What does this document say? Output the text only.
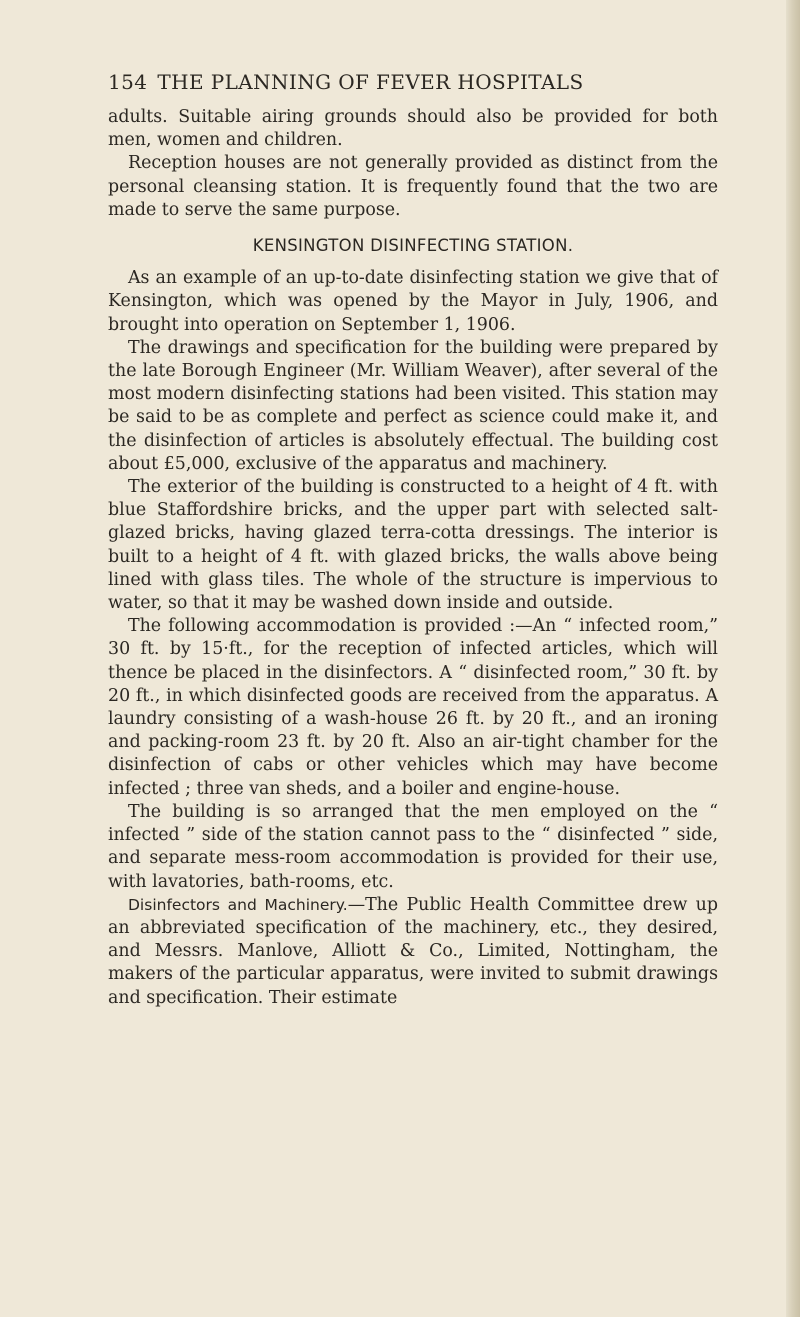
154 THE PLANNING OF FEVER HOSPITALS

adults. Suitable airing grounds should also be provided for both men, women and children.

Reception houses are not generally provided as distinct from the personal cleansing station. It is frequently found that the two are made to serve the same purpose.

KENSINGTON DISINFECTING STATION.

As an example of an up-to-date disinfecting station we give that of Kensington, which was opened by the Mayor in July, 1906, and brought into operation on September 1, 1906.

The drawings and specification for the building were prepared by the late Borough Engineer (Mr. William Weaver), after several of the most modern disinfecting stations had been visited. This station may be said to be as complete and perfect as science could make it, and the disinfection of articles is absolutely effectual. The building cost about £5,000, exclusive of the apparatus and machinery.

The exterior of the building is constructed to a height of 4 ft. with blue Staffordshire bricks, and the upper part with selected salt-glazed bricks, having glazed terra-cotta dressings. The interior is built to a height of 4 ft. with glazed bricks, the walls above being lined with glass tiles. The whole of the structure is impervious to water, so that it may be washed down inside and outside.

The following accommodation is provided :—An “ infected room,” 30 ft. by 15·ft., for the reception of infected articles, which will thence be placed in the disinfectors. A “ disinfected room,” 30 ft. by 20 ft., in which disinfected goods are received from the apparatus. A laundry consisting of a wash-house 26 ft. by 20 ft., and an ironing and packing-room 23 ft. by 20 ft. Also an air-tight chamber for the disinfection of cabs or other vehicles which may have become infected ; three van sheds, and a boiler and engine-house.

The building is so arranged that the men employed on the “ infected ” side of the station cannot pass to the “ disinfected ” side, and separate mess-room accommodation is provided for their use, with lavatories, bath-rooms, etc.

Disinfectors and Machinery.—The Public Health Committee drew up an abbreviated specification of the machinery, etc., they desired, and Messrs. Manlove, Alliott & Co., Limited, Nottingham, the makers of the particular apparatus, were invited to submit drawings and specification. Their estimate
